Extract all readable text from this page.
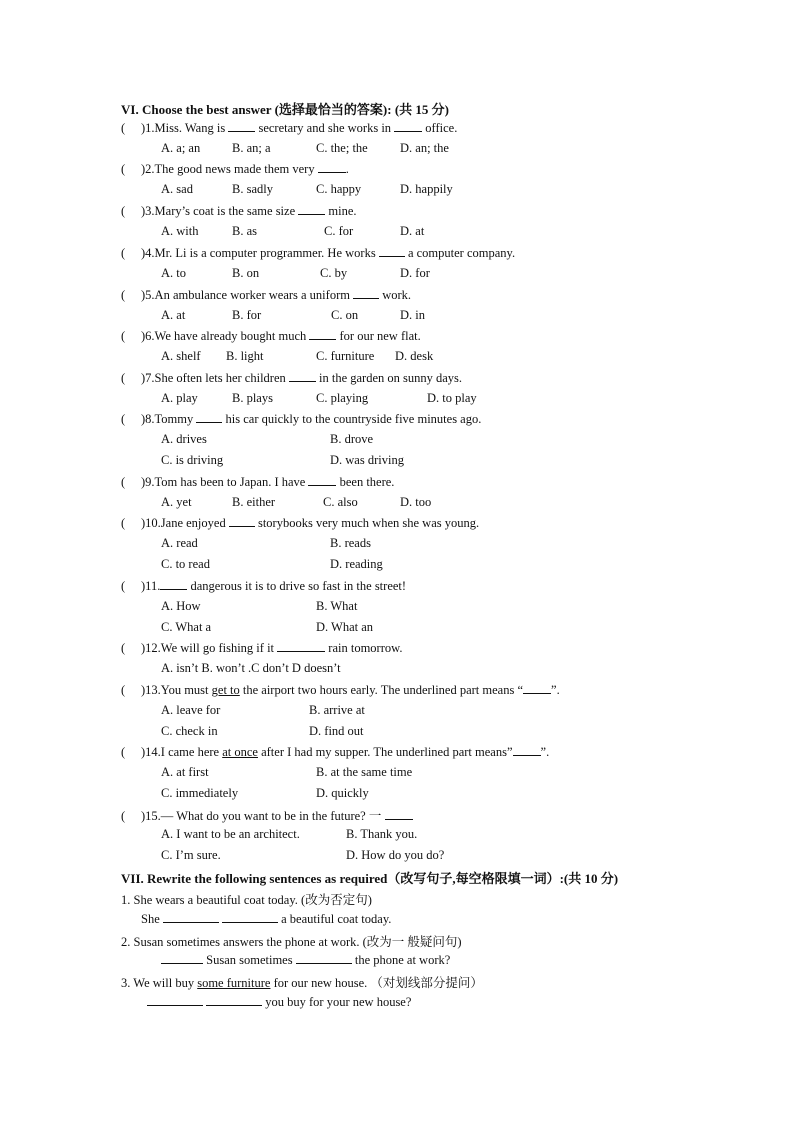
VI. Choose the best answer (选择最恰当的答案): (共 15 分)
( )1.Miss. Wang is  secretary and she works in  office.
A. a; an	B. an; a	C. the; the	D. an; the
( )2.The good news made them very .
A. sad	B. sadly	C. happy	D. happily
( )3.Mary’s coat is the same size  mine.
A. with	B. as	C. for	D. at
( )4.Mr. Li is a computer programmer. He works  a computer company.
A. to	B. on	C. by	D. for
( )5.An ambulance worker wears a uniform  work.
A. at	B. for	C. on	D. in
( )6.We have already bought much  for our new flat.
A. shelf B. light	C. furniture D. desk
( )7.She often lets her children  in the garden on sunny days.
A. play	B. plays	C. playing	D. to play
( )8.Tommy  his car quickly to the countryside five minutes ago.
A. drives	B. drove
C. is driving	D. was driving
( )9.Tom has been to Japan. I have  been there.
A. yet	B. either	C. also	D. too
( )10.Jane enjoyed  storybooks very much when she was young.
A. read	B. reads
C. to read	D. reading
( )11. dangerous it is to drive so fast in the street!
A. How	B. What
C. What a	D. What an
( )12.We will go fishing if it	rain tomorrow.
A. isn’t B. won’t .C don’t D doesn’t
( )13.You must get to the airport two hours early. The underlined part means “ ”.
A. leave for	B. arrive at
C. check in	D. find out
( )14.I came here at once after I had my supper. The underlined part means” ”.
A. at first	B. at the same time
C. immediately	D. quickly
( )15.— What do you want to be in the future? 一
A. I want to be an architect.	B. Thank you.
C. I’m sure.	D. How do you do?
VII. Rewrite the following sentences as required（改写句子,每空格限填一词）:(共 10 分)
1. She wears a beautiful coat today. (改为否定句)
She	a beautiful coat today.
2. Susan sometimes answers the phone at work. (改为一 般疑问句)
Susan sometimes	the phone at work?
3. We will buy some furniture for our new house. （对划线部分提问）
you buy for your new house?
